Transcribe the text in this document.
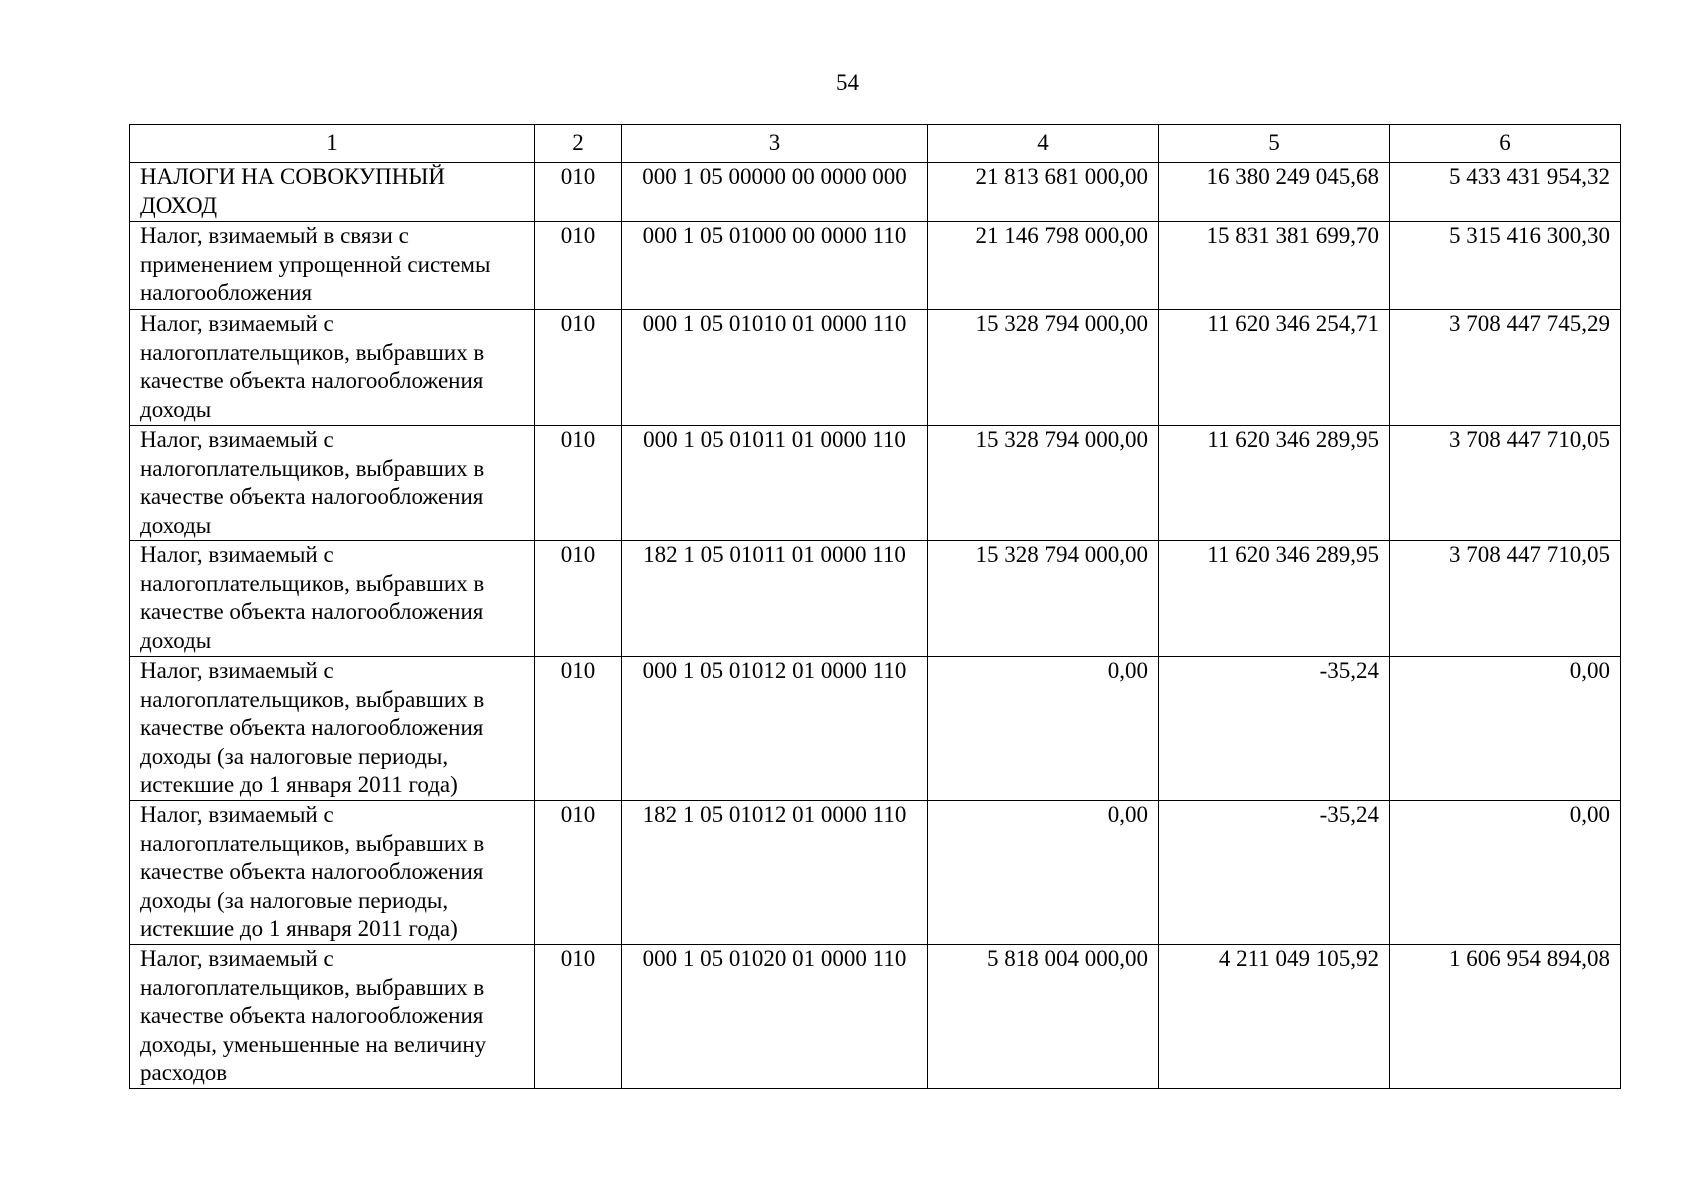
54
1	2	3	4	5	6
НАЛОГИ НА СОВОКУПНЫЙ ДОХОД	010	000 1 05 00000 00 0000 000	21 813 681 000,00	16 380 249 045,68	5 433 431 954,32
Налог, взимаемый в связи с применением упрощенной системы налогообложения	010	000 1 05 01000 00 0000 110	21 146 798 000,00	15 831 381 699,70	5 315 416 300,30
Налог, взимаемый с налогоплательщиков, выбравших в качестве объекта налогообложения доходы	010	000 1 05 01010 01 0000 110	15 328 794 000,00	11 620 346 254,71	3 708 447 745,29
Налог, взимаемый с налогоплательщиков, выбравших в качестве объекта налогообложения доходы	010	000 1 05 01011 01 0000 110	15 328 794 000,00	11 620 346 289,95	3 708 447 710,05
Налог, взимаемый с налогоплательщиков, выбравших в качестве объекта налогообложения доходы	010	182 1 05 01011 01 0000 110	15 328 794 000,00	11 620 346 289,95	3 708 447 710,05
Налог, взимаемый с налогоплательщиков, выбравших в качестве объекта налогообложения доходы (за налоговые периоды, истекшие до 1 января 2011 года)	010	000 1 05 01012 01 0000 110	0,00	-35,24	0,00
Налог, взимаемый с налогоплательщиков, выбравших в качестве объекта налогообложения доходы (за налоговые периоды, истекшие до 1 января 2011 года)	010	182 1 05 01012 01 0000 110	0,00	-35,24	0,00
Налог, взимаемый с налогоплательщиков, выбравших в качестве объекта налогообложения доходы, уменьшенные на величину расходов	010	000 1 05 01020 01 0000 110	5 818 004 000,00	4 211 049 105,92	1 606 954 894,08
